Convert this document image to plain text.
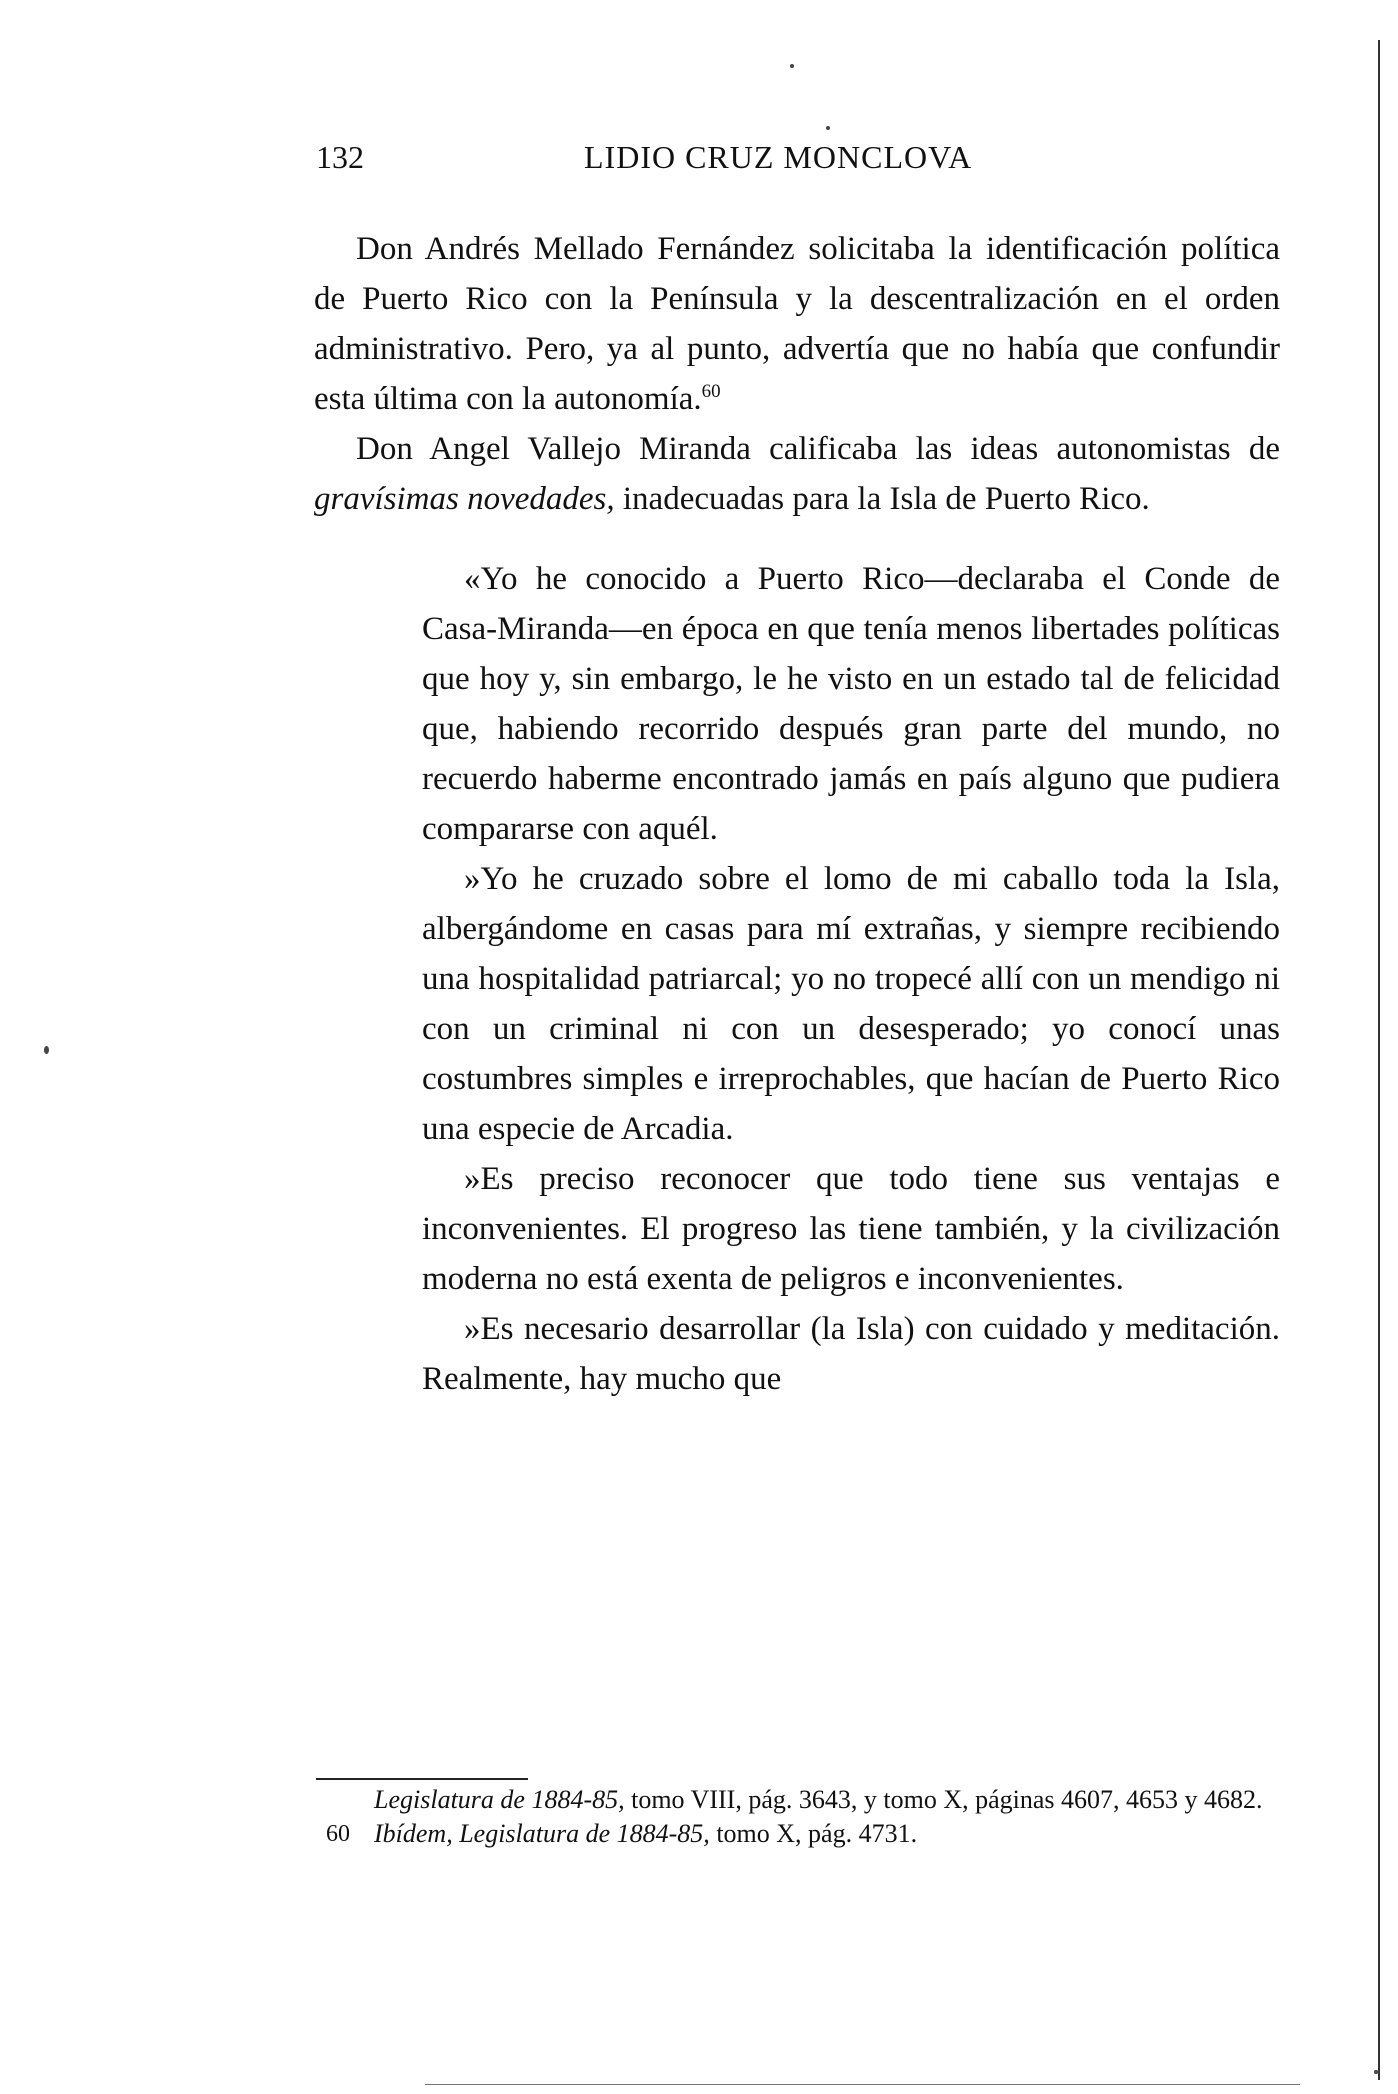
132	LIDIO CRUZ MONCLOVA

Don Andrés Mellado Fernández solicitaba la identificación política de Puerto Rico con la Península y la descentralización en el orden administrativo. Pero, ya al punto, advertía que no había que confundir esta última con la autonomía.$^{60}$

Don Angel Vallejo Miranda calificaba las ideas autonomistas de gravísimas novedades, inadecuadas para la Isla de Puerto Rico.

«Yo he conocido a Puerto Rico—declaraba el Conde de Casa-Miranda—en época en que tenía menos libertades políticas que hoy y, sin embargo, le he visto en un estado tal de felicidad que, habiendo recorrido después gran parte del mundo, no recuerdo haberme encontrado jamás en país alguno que pudiera compararse con aquél.

»Yo he cruzado sobre el lomo de mi caballo toda la Isla, albergándome en casas para mí extrañas, y siempre recibiendo una hospitalidad patriarcal; yo no tropecé allí con un mendigo ni con un criminal ni con un desesperado; yo conocí unas costumbres simples e irreprochables, que hacían de Puerto Rico una especie de Arcadia.

»Es preciso reconocer que todo tiene sus ventajas e inconvenientes. El progreso las tiene también, y la civilización moderna no está exenta de peligros e inconvenientes.

»Es necesario desarrollar (la Isla) con cuidado y meditación. Realmente, hay mucho que

Legislatura de 1884-85, tomo VIII, pág. 3643, y tomo X, páginas 4607, 4653 y 4682.
60 Ibídem, Legislatura de 1884-85, tomo X, pág. 4731.
